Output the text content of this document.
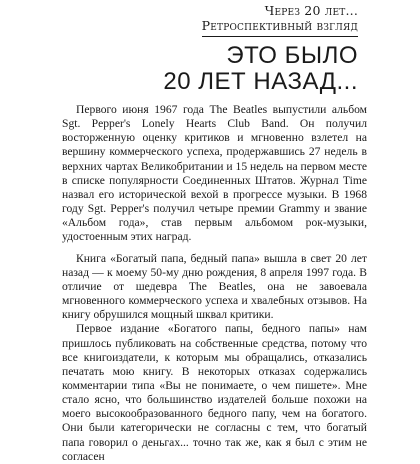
Через 20 лет...
Ретроспективный взгляд
ЭТО БЫЛО
20 ЛЕТ НАЗАД...

Первого июня 1967 года The Beatles выпустили альбом Sgt. Pepper's Lonely Hearts Club Band. Он получил восторженную оценку критиков и мгновенно взлетел на вершину коммерческого успеха, продержавшись 27 недель в верхних чартах Великобритании и 15 недель на первом месте в списке популярности Соединенных Штатов. Журнал Time назвал его исторической вехой в прогрессе музыки. В 1968 году Sgt. Pepper's получил четыре премии Grammy и звание «Альбом года», став первым альбомом рок-музыки, удостоенным этих наград.

Книга «Богатый папа, бедный папа» вышла в свет 20 лет назад — к моему 50-му дню рождения, 8 апреля 1997 года. В отличие от шедевра The Beatles, она не завоевала мгновенного коммерческого успеха и хвалебных отзывов. На книгу обрушился мощный шквал критики.

Первое издание «Богатого папы, бедного папы» нам пришлось публиковать на собственные средства, потому что все книгоиздатели, к которым мы обращались, отказались печатать мою книгу. В некоторых отказах содержались комментарии типа «Вы не понимаете, о чем пишете». Мне стало ясно, что большинство издателей больше похожи на моего высокообразованного бедного папу, чем на богатого. Они были категорически не согласны с тем, что богатый папа говорил о деньгах... точно так же, как я был с этим не согласен
